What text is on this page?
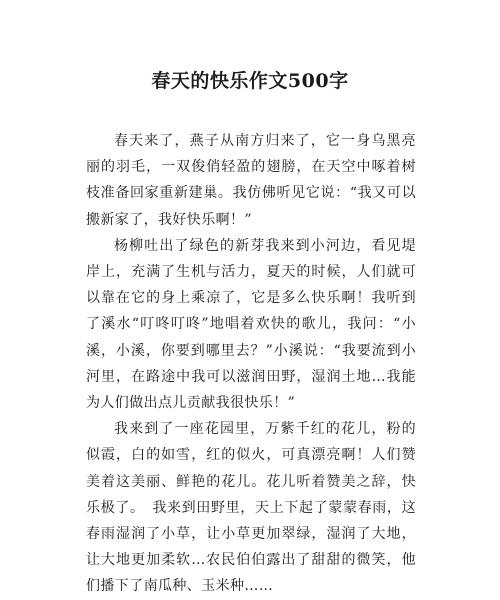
春天的快乐作文500字

春天来了，燕子从南方归来了，它一身乌黑亮丽的羽毛，一双俊俏轻盈的翅膀，在天空中啄着树枝准备回家重新建巢。我仿佛听见它说：“我又可以搬新家了，我好快乐啊！”

杨柳吐出了绿色的新芽我来到小河边，看见堤岸上，充满了生机与活力，夏天的时候，人们就可以靠在它的身上乘凉了，它是多么快乐啊！我听到了溪水“叮咚叮咚”地唱着欢快的歌儿，我问：“小溪，小溪，你要到哪里去？”小溪说：“我要流到小河里，在路途中我可以滋润田野，湿润土地…我能为人们做出点儿贡献我很快乐！”

我来到了一座花园里，万紫千红的花儿，粉的似霞，白的如雪，红的似火，可真漂亮啊！人们赞美着这美丽、鲜艳的花儿。花儿听着赞美之辞，快乐极了。　我来到田野里，天上下起了蒙蒙春雨，这春雨湿润了小草，让小草更加翠绿，湿润了大地，让大地更加柔软…农民伯伯露出了甜甜的微笑，他们播下了南瓜种、玉米种……
